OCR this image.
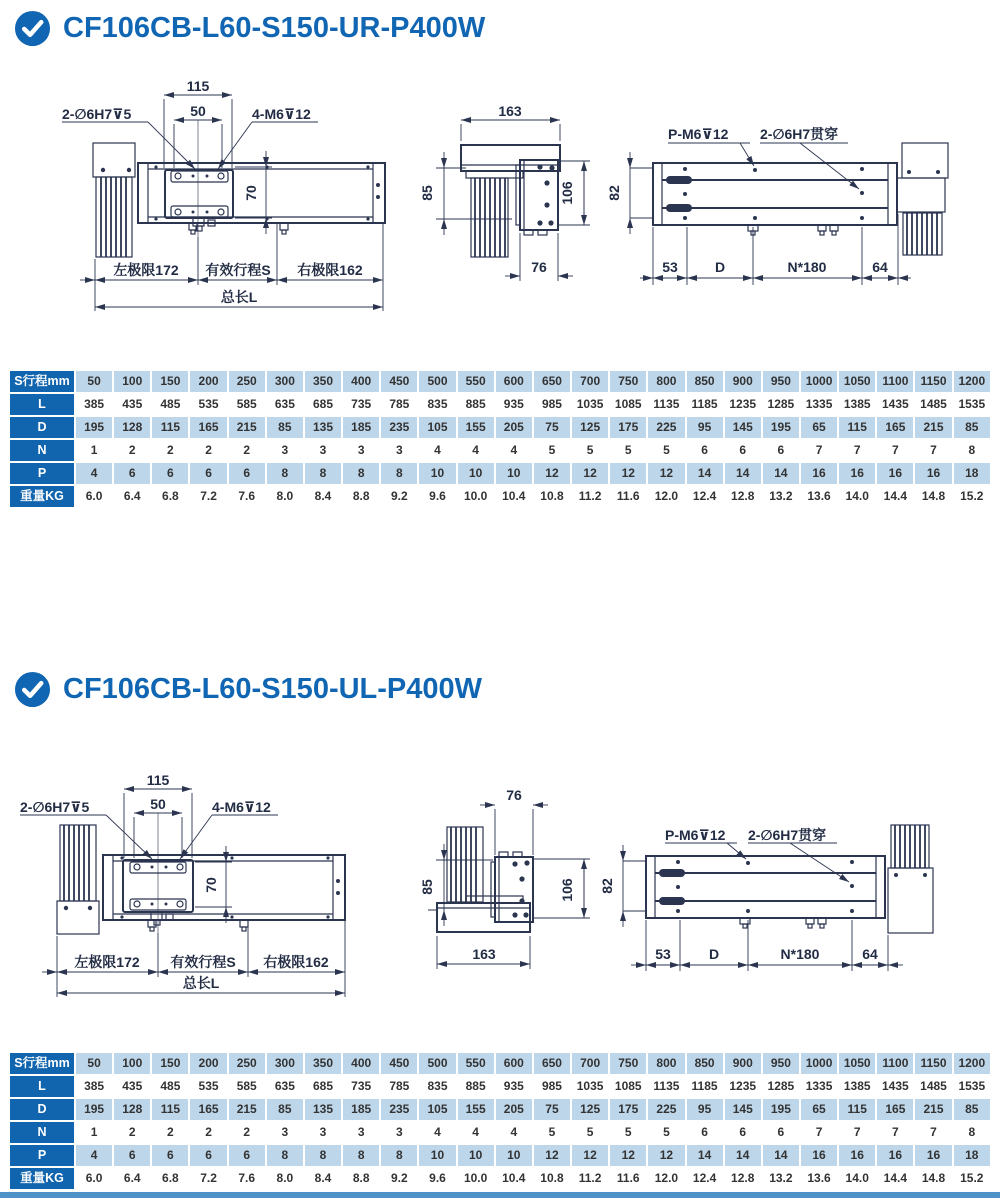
CF106CB-L60-S150-UR-P400W
115
50
2-∅6H7⊽5	4-M6⊽12
70
左极限172 有效行程S 右极限162
总长L
163
106
85
76
P-M6⊽12 2-∅6H7贯穿
82
53	D	N*180	64
S行程mm	50	100	150	200	250	300	350	400	450	500	550	600	650	700	750	800	850	900	950	1000	1050	1100	1150	1200
L	385	435	485	535	585	635	685	735	785	835	885	935	985	1035	1085	1135	1185	1235	1285	1335	1385	1435	1485	1535
D	195	128	115	165	215	85	135	185	235	105	155	205	75	125	175	225	95	145	195	65	115	165	215	85
N	1	2	2	2	2	3	3	3	3	4	4	4	5	5	5	5	6	6	6	7	7	7	7	8
P	4	6	6	6	6	8	8	8	8	10	10	10	12	12	12	12	14	14	14	16	16	16	16	18
重量KG	6.0	6.4	6.8	7.2	7.6	8.0	8.4	8.8	9.2	9.6	10.0	10.4	10.8	11.2	11.6	12.0	12.4	12.8	13.2	13.6	14.0	14.4	14.8	15.2
CF106CB-L60-S150-UL-P400W
115
50
2-∅6H7⊽5	4-M6⊽12
70
左极限172 有效行程S 右极限162
总长L
76
106
85
163
P-M6⊽12 2-∅6H7贯穿
82
53	D	N*180	64
S行程mm	50	100	150	200	250	300	350	400	450	500	550	600	650	700	750	800	850	900	950	1000	1050	1100	1150	1200
L	385	435	485	535	585	635	685	735	785	835	885	935	985	1035	1085	1135	1185	1235	1285	1335	1385	1435	1485	1535
D	195	128	115	165	215	85	135	185	235	105	155	205	75	125	175	225	95	145	195	65	115	165	215	85
N	1	2	2	2	2	3	3	3	3	4	4	4	5	5	5	5	6	6	6	7	7	7	7	8
P	4	6	6	6	6	8	8	8	8	10	10	10	12	12	12	12	14	14	14	16	16	16	16	18
重量KG	6.0	6.4	6.8	7.2	7.6	8.0	8.4	8.8	9.2	9.6	10.0	10.4	10.8	11.2	11.6	12.0	12.4	12.8	13.2	13.6	14.0	14.4	14.8	15.2
